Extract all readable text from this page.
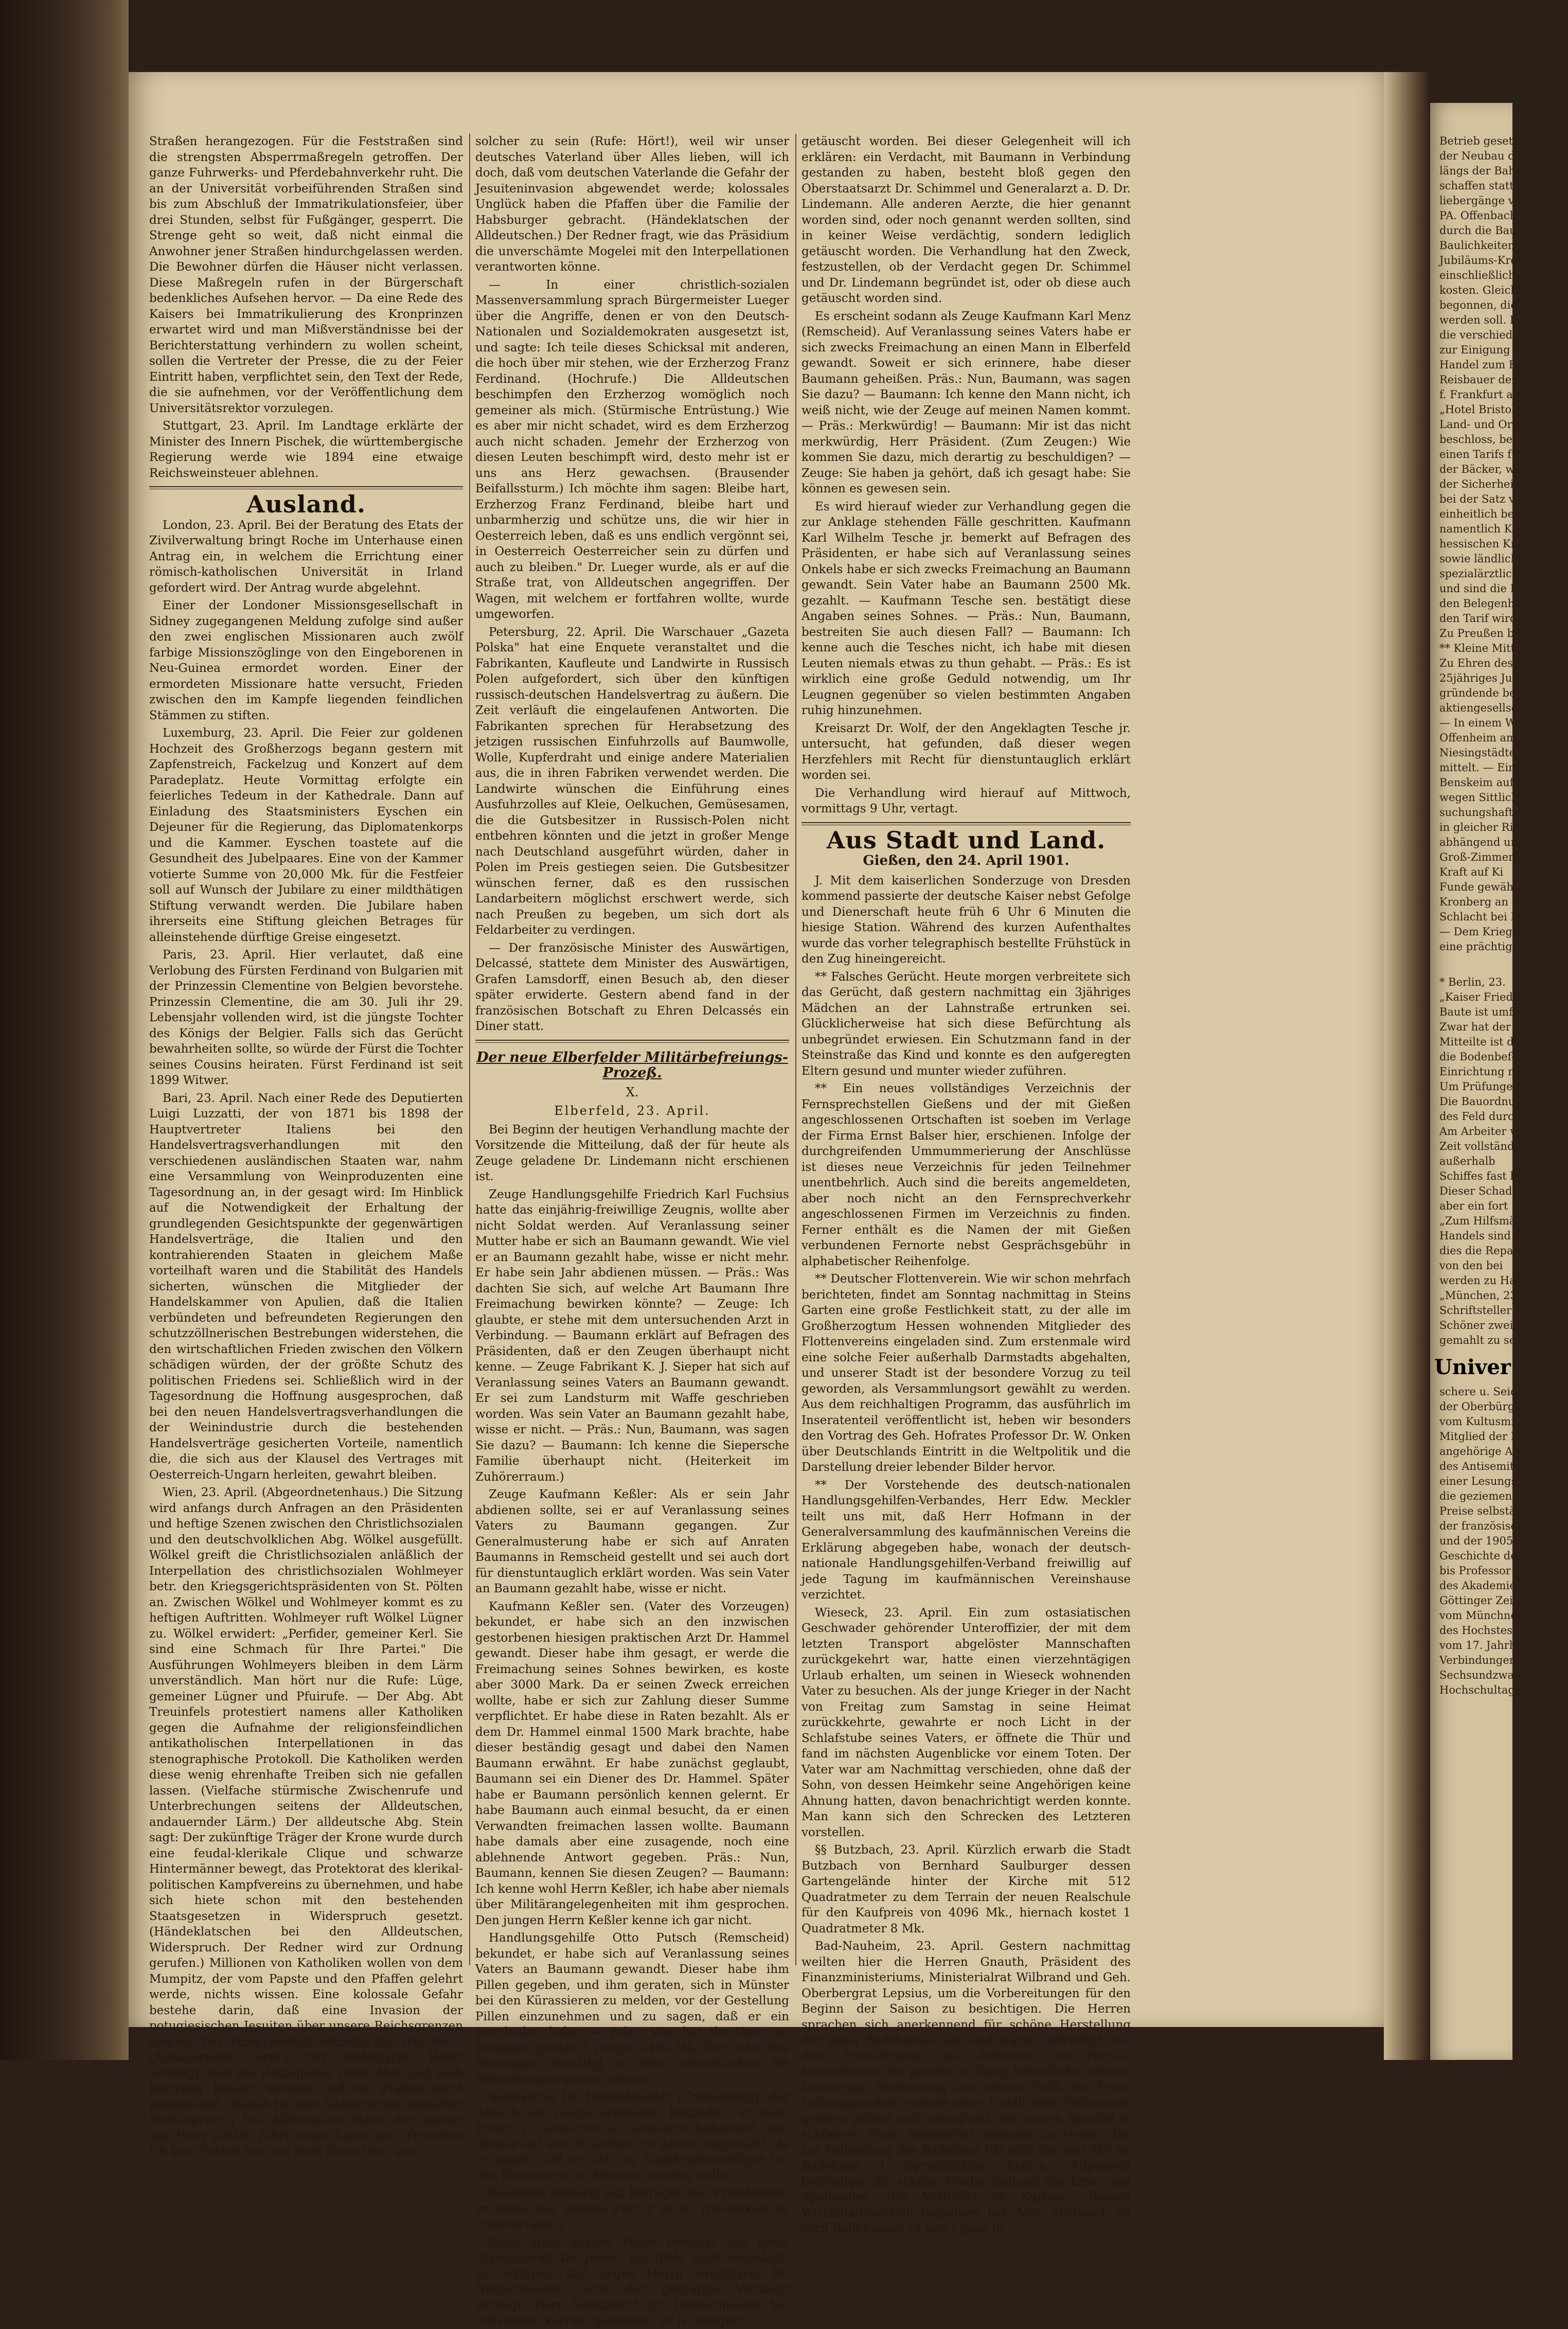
Straßen herangezogen. Für die Feststraßen sind die strengsten Absperrmaßregeln getroffen. Der ganze Fuhrwerks- und Pferdebahnverkehr ruht. Die an der Universität vorbeiführenden Straßen sind bis zum Abschluß der Immatrikulationsfeier, über drei Stunden, selbst für Fußgänger, gesperrt. Die Strenge geht so weit, daß nicht einmal die Anwohner jener Straßen hindurchgelassen werden. Die Bewohner dürfen die Häuser nicht verlassen. Diese Maßregeln rufen in der Bürgerschaft bedenkliches Aufsehen hervor. — Da eine Rede des Kaisers bei Immatrikulierung des Kronprinzen erwartet wird und man Mißverständnisse bei der Berichterstattung verhindern zu wollen scheint, sollen die Vertreter der Presse, die zu der Feier Eintritt haben, verpflichtet sein, den Text der Rede, die sie aufnehmen, vor der Veröffentlichung dem Universitätsrektor vorzulegen.

Stuttgart, 23. April. Im Landtage erklärte der Minister des Innern Pischek, die württembergische Regierung werde wie 1894 eine etwaige Reichsweinsteuer ablehnen.

Ausland.

London, 23. April. Bei der Beratung des Etats der Zivilverwaltung bringt Roche im Unterhause einen Antrag ein, in welchem die Errichtung einer römisch-katholischen Universität in Irland gefordert wird. Der Antrag wurde abgelehnt.

Einer der Londoner Missionsgesellschaft in Sidney zugegangenen Meldung zufolge sind außer den zwei englischen Missionaren auch zwölf farbige Missionszöglinge von den Eingeborenen in Neu-Guinea ermordet worden. Einer der ermordeten Missionare hatte versucht, Frieden zwischen den im Kampfe liegenden feindlichen Stämmen zu stiften.

Luxemburg, 23. April. Die Feier zur goldenen Hochzeit des Großherzogs begann gestern mit Zapfenstreich, Fackelzug und Konzert auf dem Paradeplatz. Heute Vormittag erfolgte ein feierliches Tedeum in der Kathedrale. Dann auf Einladung des Staatsministers Eyschen ein Dejeuner für die Regierung, das Diplomatenkorps und die Kammer. Eyschen toastete auf die Gesundheit des Jubelpaares. Eine von der Kammer votierte Summe von 20,000 Mk. für die Festfeier soll auf Wunsch der Jubilare zu einer mildthätigen Stiftung verwandt werden. Die Jubilare haben ihrerseits eine Stiftung gleichen Betrages für alleinstehende dürftige Greise eingesetzt.

Paris, 23. April. Hier verlautet, daß eine Verlobung des Fürsten Ferdinand von Bulgarien mit der Prinzessin Clementine von Belgien bevorstehe. Prinzessin Clementine, die am 30. Juli ihr 29. Lebensjahr vollenden wird, ist die jüngste Tochter des Königs der Belgier. Falls sich das Gerücht bewahrheiten sollte, so würde der Fürst die Tochter seines Cousins heiraten. Fürst Ferdinand ist seit 1899 Witwer.

Bari, 23. April. Nach einer Rede des Deputierten Luigi Luzzatti, der von 1871 bis 1898 der Hauptvertreter Italiens bei den Handelsvertragsverhandlungen mit den verschiedenen ausländischen Staaten war, nahm eine Versammlung von Weinproduzenten eine Tagesordnung an, in der gesagt wird: Im Hinblick auf die Notwendigkeit der Erhaltung der grundlegenden Gesichtspunkte der gegenwärtigen Handelsverträge, die Italien und den kontrahierenden Staaten in gleichem Maße vorteilhaft waren und die Stabilität des Handels sicherten, wünschen die Mitglieder der Handelskammer von Apulien, daß die Italien verbündeten und befreundeten Regierungen den schutzzöllnerischen Bestrebungen widerstehen, die den wirtschaftlichen Frieden zwischen den Völkern schädigen würden, der der größte Schutz des politischen Friedens sei. Schließlich wird in der Tagesordnung die Hoffnung ausgesprochen, daß bei den neuen Handelsvertragsverhandlungen die der Weinindustrie durch die bestehenden Handelsverträge gesicherten Vorteile, namentlich die, die sich aus der Klausel des Vertrages mit Oesterreich-Ungarn herleiten, gewahrt bleiben.

Wien, 23. April. (Abgeordnetenhaus.) Die Sitzung wird anfangs durch Anfragen an den Präsidenten und heftige Szenen zwischen den Christlichsozialen und den deutschvolklichen Abg. Wölkel ausgefüllt. Wölkel greift die Christlichsozialen anläßlich der Interpellation des christlichsozialen Wohlmeyer betr. den Kriegsgerichtspräsidenten von St. Pölten an. Zwischen Wölkel und Wohlmeyer kommt es zu heftigen Auftritten. Wohlmeyer ruft Wölkel Lügner zu. Wölkel erwidert: „Perfider, gemeiner Kerl. Sie sind eine Schmach für Ihre Partei." Die Ausführungen Wohlmeyers bleiben in dem Lärm unverständlich. Man hört nur die Rufe: Lüge, gemeiner Lügner und Pfuirufe. — Der Abg. Abt Treuinfels protestiert namens aller Katholiken gegen die Aufnahme der religionsfeindlichen antikatholischen Interpellationen in das stenographische Protokoll. Die Katholiken werden diese wenig ehrenhafte Treiben sich nie gefallen lassen. (Vielfache stürmische Zwischenrufe und Unterbrechungen seitens der Alldeutschen, andauernder Lärm.) Der alldeutsche Abg. Stein sagt: Der zukünftige Träger der Krone wurde durch eine feudal-klerikale Clique und schwarze Hintermänner bewegt, das Protektorat des klerikal-politischen Kampfvereins zu übernehmen, und habe sich hiete schon mit den bestehenden Staatsgesetzen in Widerspruch gesetzt. (Händeklatschen bei den Alldeutschen, Widerspruch. Der Redner wird zur Ordnung gerufen.) Millionen von Katholiken wollen von dem Mumpitz, der vom Papste und den Pfaffen gelehrt werde, nichts wissen. Eine kolossale Gefahr bestehe darin, daß eine Invasion der potugiesischen Jesuiten über unsere Reichsgrenzen kommt. Der Vizepräsident entzieht ihm das Wort. (Andauernder Lärm.) Der Alldeutsche Hofer verlangt, daß die Hetzapostel Pater Abel und Kolb bestrafer belehrt werden, daß die Pfaffen nicht immun sind. (Beifall bei den Alldeutschen, lebhafter Widerspruch.) Der Alldeutsche Stein, der wieder das Wort erhält, führt unter Lärm aus: Trotzdem ich kein Patriot bin und stolz darauf bin, kein

solcher zu sein (Rufe: Hört!), weil wir unser deutsches Vaterland über Alles lieben, will ich doch, daß vom deutschen Vaterlande die Gefahr der Jesuiteninvasion abgewendet werde; kolossales Unglück haben die Pfaffen über die Familie der Habsburger gebracht. (Händeklatschen der Alldeutschen.) Der Redner fragt, wie das Präsidium die unverschämte Mogelei mit den Interpellationen verantworten könne.

— In einer christlich-sozialen Massenversammlung sprach Bürgermeister Lueger über die Angriffe, denen er von den Deutsch-Nationalen und Sozialdemokraten ausgesetzt ist, und sagte: Ich teile dieses Schicksal mit anderen, die hoch über mir stehen, wie der Erzherzog Franz Ferdinand. (Hochrufe.) Die Alldeutschen beschimpfen den Erzherzog womöglich noch gemeiner als mich. (Stürmische Entrüstung.) Wie es aber mir nicht schadet, wird es dem Erzherzog auch nicht schaden. Jemehr der Erzherzog von diesen Leuten beschimpft wird, desto mehr ist er uns ans Herz gewachsen. (Brausender Beifallssturm.) Ich möchte ihm sagen: Bleibe hart, Erzherzog Franz Ferdinand, bleibe hart und unbarmherzig und schütze uns, die wir hier in Oesterreich leben, daß es uns endlich vergönnt sei, in Oesterreich Oesterreicher sein zu dürfen und auch zu bleiben." Dr. Lueger wurde, als er auf die Straße trat, von Alldeutschen angegriffen. Der Wagen, mit welchem er fortfahren wollte, wurde umgeworfen.

Petersburg, 22. April. Die Warschauer „Gazeta Polska" hat eine Enquete veranstaltet und die Fabrikanten, Kaufleute und Landwirte in Russisch Polen aufgefordert, sich über den künftigen russisch-deutschen Handelsvertrag zu äußern. Die Zeit verläuft die eingelaufenen Antworten. Die Fabrikanten sprechen für Herabsetzung des jetzigen russischen Einfuhrzolls auf Baumwolle, Wolle, Kupferdraht und einige andere Materialien aus, die in ihren Fabriken verwendet werden. Die Landwirte wünschen die Einführung eines Ausfuhrzolles auf Kleie, Oelkuchen, Gemüsesamen, die die Gutsbesitzer in Russisch-Polen nicht entbehren könnten und die jetzt in großer Menge nach Deutschland ausgeführt würden, daher in Polen im Preis gestiegen seien. Die Gutsbesitzer wünschen ferner, daß es den russischen Landarbeitern möglichst erschwert werde, sich nach Preußen zu begeben, um sich dort als Feldarbeiter zu verdingen.

— Der französische Minister des Auswärtigen, Delcassé, stattete dem Minister des Auswärtigen, Grafen Lamsdorff, einen Besuch ab, den dieser später erwiderte. Gestern abend fand in der französischen Botschaft zu Ehren Delcassés ein Diner statt.

Der neue Elberfelder Militärbefreiungs-Prozeß.
X.
Elberfeld, 23. April.

Bei Beginn der heutigen Verhandlung machte der Vorsitzende die Mitteilung, daß der für heute als Zeuge geladene Dr. Lindemann nicht erschienen ist.

Zeuge Handlungsgehilfe Friedrich Karl Fuchsius hatte das einjährig-freiwillige Zeugnis, wollte aber nicht Soldat werden. Auf Veranlassung seiner Mutter habe er sich an Baumann gewandt. Wie viel er an Baumann gezahlt habe, wisse er nicht mehr. Er habe sein Jahr abdienen müssen. — Präs.: Was dachten Sie sich, auf welche Art Baumann Ihre Freimachung bewirken könnte? — Zeuge: Ich glaubte, er stehe mit dem untersuchenden Arzt in Verbindung. — Baumann erklärt auf Befragen des Präsidenten, daß er den Zeugen überhaupt nicht kenne. — Zeuge Fabrikant K. J. Sieper hat sich auf Veranlassung seines Vaters an Baumann gewandt. Er sei zum Landsturm mit Waffe geschrieben worden. Was sein Vater an Baumann gezahlt habe, wisse er nicht. — Präs.: Nun, Baumann, was sagen Sie dazu? — Baumann: Ich kenne die Siepersche Familie überhaupt nicht. (Heiterkeit im Zuhörerraum.)

Zeuge Kaufmann Keßler: Als er sein Jahr abdienen sollte, sei er auf Veranlassung seines Vaters zu Baumann gegangen. Zur Generalmusterung habe er sich auf Anraten Baumanns in Remscheid gestellt und sei auch dort für dienstuntauglich erklärt worden. Was sein Vater an Baumann gezahlt habe, wisse er nicht.

Kaufmann Keßler sen. (Vater des Vorzeugen) bekundet, er habe sich an den inzwischen gestorbenen hiesigen praktischen Arzt Dr. Hammel gewandt. Dieser habe ihm gesagt, er werde die Freimachung seines Sohnes bewirken, es koste aber 3000 Mark. Da er seinen Zweck erreichen wollte, habe er sich zur Zahlung dieser Summe verpflichtet. Er habe diese in Raten bezahlt. Als er dem Dr. Hammel einmal 1500 Mark brachte, habe dieser beständig gesagt und dabei den Namen Baumann erwähnt. Er habe zunächst geglaubt, Baumann sei ein Diener des Dr. Hammel. Später habe er Baumann persönlich kennen gelernt. Er habe Baumann auch einmal besucht, da er einen Verwandten freimachen lassen wollte. Baumann habe damals aber eine zusagende, noch eine ablehnende Antwort gegeben. Präs.: Nun, Baumann, kennen Sie diesen Zeugen? — Baumann: Ich kenne wohl Herrn Keßler, ich habe aber niemals über Militärangelegenheiten mit ihm gesprochen. Den jungen Herrn Keßler kenne ich gar nicht.

Handlungsgehilfe Otto Putsch (Remscheid) bekundet, er habe sich auf Veranlassung seines Vaters an Baumann gewandt. Dieser habe ihm Pillen gegeben, und ihm geraten, sich in Münster bei den Kürassieren zu melden, vor der Gestellung Pillen einzunehmen und zu sagen, daß er ein Herzleiden habe. — Präs.: Was hat Ihr Vater an Baumann gezahlt? Zeuge: 2400 Mk. Der Vater des Vorzeugen bestätigt in allen wesentlichen die Bekundungen seines Sohnes.

Sanitätsrat Dr. Holzschneider (Cronenberg), der danach als Zeuge erscheint, bekundet, er habe Putsch jr. seinerzeit an Gelbsucht behandelt, und diesem auf sein Ersuchen ein Attest ausgestellt, da er angab, daß er sich als Einjährigfreiwilliger bei den Kürassieren in Münster melden wolle.

Baumann bemerkt auf Befragen des Präsidenten, er kenne die Familie Putsch nicht. (Heiterkeit im Zuhörerraum.)

Nach einer kurzen Pause bemerkt der Erste Staatsanwalt Dr. Jonen: Ich fühle mich veranlaßt, zu erklären, daß gegen Herrn Sanitätsrat Dr. Holzschneider nicht der geringste Verdacht vorliegt. Herr Sanitätsrat Dr. Holzschneider hat vollständig korrekt gehandelt, er ist lediglich

getäuscht worden. Bei dieser Gelegenheit will ich erklären: ein Verdacht, mit Baumann in Verbindung gestanden zu haben, besteht bloß gegen den Oberstaatsarzt Dr. Schimmel und Generalarzt a. D. Dr. Lindemann. Alle anderen Aerzte, die hier genannt worden sind, oder noch genannt werden sollten, sind in keiner Weise verdächtig, sondern lediglich getäuscht worden. Die Verhandlung hat den Zweck, festzustellen, ob der Verdacht gegen Dr. Schimmel und Dr. Lindemann begründet ist, oder ob diese auch getäuscht worden sind.

Es erscheint sodann als Zeuge Kaufmann Karl Menz (Remscheid). Auf Veranlassung seines Vaters habe er sich zwecks Freimachung an einen Mann in Elberfeld gewandt. Soweit er sich erinnere, habe dieser Baumann geheißen. Präs.: Nun, Baumann, was sagen Sie dazu? — Baumann: Ich kenne den Mann nicht, ich weiß nicht, wie der Zeuge auf meinen Namen kommt. — Präs.: Merkwürdig! — Baumann: Mir ist das nicht merkwürdig, Herr Präsident. (Zum Zeugen:) Wie kommen Sie dazu, mich derartig zu beschuldigen? — Zeuge: Sie haben ja gehört, daß ich gesagt habe: Sie können es gewesen sein.

Es wird hierauf wieder zur Verhandlung gegen die zur Anklage stehenden Fälle geschritten. Kaufmann Karl Wilhelm Tesche jr. bemerkt auf Befragen des Präsidenten, er habe sich auf Veranlassung seines Onkels habe er sich zwecks Freimachung an Baumann gewandt. Sein Vater habe an Baumann 2500 Mk. gezahlt. — Kaufmann Tesche sen. bestätigt diese Angaben seines Sohnes. — Präs.: Nun, Baumann, bestreiten Sie auch diesen Fall? — Baumann: Ich kenne auch die Tesches nicht, ich habe mit diesen Leuten niemals etwas zu thun gehabt. — Präs.: Es ist wirklich eine große Geduld notwendig, um Ihr Leugnen gegenüber so vielen bestimmten Angaben ruhig hinzunehmen.

Kreisarzt Dr. Wolf, der den Angeklagten Tesche jr. untersucht, hat gefunden, daß dieser wegen Herzfehlers mit Recht für dienstuntauglich erklärt worden sei.

Die Verhandlung wird hierauf auf Mittwoch, vormittags 9 Uhr, vertagt.

Aus Stadt und Land.
Gießen, den 24. April 1901.

J. Mit dem kaiserlichen Sonderzuge von Dresden kommend passierte der deutsche Kaiser nebst Gefolge und Dienerschaft heute früh 6 Uhr 6 Minuten die hiesige Station. Während des kurzen Aufenthaltes wurde das vorher telegraphisch bestellte Frühstück in den Zug hineingereicht.

** Falsches Gerücht. Heute morgen verbreitete sich das Gerücht, daß gestern nachmittag ein 3jähriges Mädchen an der Lahnstraße ertrunken sei. Glücklicherweise hat sich diese Befürchtung als unbegründet erwiesen. Ein Schutzmann fand in der Steinstraße das Kind und konnte es den aufgeregten Eltern gesund und munter wieder zuführen.

** Ein neues vollständiges Verzeichnis der Fernsprechstellen Gießens und der mit Gießen angeschlossenen Ortschaften ist soeben im Verlage der Firma Ernst Balser hier, erschienen. Infolge der durchgreifenden Ummummerierung der Anschlüsse ist dieses neue Verzeichnis für jeden Teilnehmer unentbehrlich. Auch sind die bereits angemeldeten, aber noch nicht an den Fernsprechverkehr angeschlossenen Firmen im Verzeichnis zu finden. Ferner enthält es die Namen der mit Gießen verbundenen Fernorte nebst Gesprächsgebühr in alphabetischer Reihenfolge.

** Deutscher Flottenverein. Wie wir schon mehrfach berichteten, findet am Sonntag nachmittag in Steins Garten eine große Festlichkeit statt, zu der alle im Großherzogtum Hessen wohnenden Mitglieder des Flottenvereins eingeladen sind. Zum erstenmale wird eine solche Feier außerhalb Darmstadts abgehalten, und unserer Stadt ist der besondere Vorzug zu teil geworden, als Versammlungsort gewählt zu werden. Aus dem reichhaltigen Programm, das ausführlich im Inseratenteil veröffentlicht ist, heben wir besonders den Vortrag des Geh. Hofrates Professor Dr. W. Onken über Deutschlands Eintritt in die Weltpolitik und die Darstellung dreier lebender Bilder hervor.

** Der Vorstehende des deutsch-nationalen Handlungsgehilfen-Verbandes, Herr Edw. Meckler teilt uns mit, daß Herr Hofmann in der Generalversammlung des kaufmännischen Vereins die Erklärung abgegeben habe, wonach der deutsch-nationale Handlungsgehilfen-Verband freiwillig auf jede Tagung im kaufmännischen Vereinshause verzichtet.

Wieseck, 23. April. Ein zum ostasiatischen Geschwader gehörender Unteroffizier, der mit dem letzten Transport abgelöster Mannschaften zurückgekehrt war, hatte einen vierzehntägigen Urlaub erhalten, um seinen in Wieseck wohnenden Vater zu besuchen. Als der junge Krieger in der Nacht von Freitag zum Samstag in seine Heimat zurückkehrte, gewahrte er noch Licht in der Schlafstube seines Vaters, er öffnete die Thür und fand im nächsten Augenblicke vor einem Toten. Der Vater war am Nachmittag verschieden, ohne daß der Sohn, von dessen Heimkehr seine Angehörigen keine Ahnung hatten, davon benachrichtigt werden konnte. Man kann sich den Schrecken des Letzteren vorstellen.

§§ Butzbach, 23. April. Kürzlich erwarb die Stadt Butzbach von Bernhard Saulburger dessen Gartengelände hinter der Kirche mit 512 Quadratmeter zu dem Terrain der neuen Realschule für den Kaufpreis von 4096 Mk., hiernach kostet 1 Quadratmeter 8 Mk.

Bad-Nauheim, 23. April. Gestern nachmittag weilten hier die Herren Gnauth, Präsident des Finanzministeriums, Ministerialrat Wilbrand und Geh. Oberbergrat Lepsius, um die Vorbereitungen für den Beginn der Saison zu besichtigen. Die Herren sprachen sich anerkennend für schöne Herstellung der alten Badehäuser aus und waren befriedigt von dem Fortschreiten der Arbeiten. Die Herren bewunderten die gerade im Gang befindliche äußerst schwierige Neufassung des oberen Teils des Ernst Ludwigsprudels, welche ohne Unfall dem Tiefbauamt gestern gelang und ermöglicht, den neuen Sprudel in schönerer Form demnächst springen zu lassen. Bis zur Vollendung des Badehaus VII wird Sprudel XIV im Badehaus I Sprudelbäder liefern. Allgemein befriedigte die schöne Neuherstellung des Lese- und Spielsaales, des Vestibüls im Kurhaus, dessen Wirtschaftsbetrieb begonnen hat. Vom Mittwoch an wird Badehauses VI und I ganz in

Betrieb gesetzt. Die

der Neubau der Bi

längs der Bahnhofs

schaffen statt des B

liebergänge von

PA. Offenbach,

durch die Baufirma

Baulichkeiten für das

Jubiläums-Kreistur

einschließlich der inn

kosten. Gleichzeitig

begonnen, die in de

werden soll. Das

die verschiedenen F

zur Einigung von

Handel zum Fahrpreise

Reisbauer der Rüsf.

f. Frankfurt a.

„Hotel Bristol" eine

Land- und Orts

beschloss, bei den

einen Tarifs für

der Bäcker, welche in

der Sicherheitsdienst

bei der Satz von

einheitlich bei Stadt

namentlich Kreistat

hessischen Kreisämter

sowie ländlichen Tarifs

spezialärztliche Orts

und sind die Lohn

den Belegenheiten der

den Tarif wird be

Zu Preußen betragt

** Kleine Mittei

Zu Ehren des Bade

25jähriges Jubiläum

gründende bei dürftig

aktiengesellschaft eine

— In einem W

Offenheim am

Niesingstädte abends

mittelt. — Einem

Benskeim auf den

wegen Sittlichkeitsver

suchungshaft genomm

in gleicher Richtung

abhängend und Gen

Groß-Zimmern.

Kraft auf Ki

Funde gewählt.

Kronberg an der

Schlacht bei Dieg a. b.

— Dem Kriegerv

eine prächtige Fahn

* Berlin, 23.

„Kaiser Friedri

Baute ist umfangreich

Zwar hat der Hinter

Mitteilte ist dieselbe

die Bodenbefestigun

Einrichtung noch

Um Prüfungen zu

Die Bauordnung an

des Feld durch ve

Am Arbeiter w

Zeit vollständig ba

außerhalb

Schiffes fast hinter

Dieser Schaden ist

aber ein fort

„Zum Hilfsmächtig

Handels sind zu

dies die Reparatu

von den bei

werden zu Haar

„München, 23.

Schriftsteller Dr.

Schöner zwei

gemahlt zu sehe

Univer

schere u. Seidel

der Oberbürgerm

vom Kultusminist

Mitglied der Reich

angehörige Aus

des Antisemiten

einer Lesungsnoti

die geziemende

Preise selbständig

der französischen

und der 1905

Geschichte der

bis Professor

des Akademie in

Göttinger Zeitgenos

vom Münchner St

des Hochstes um

vom 17. Jahrhundert

Verbindungen

Sechsundzwanzig

Hochschultages
